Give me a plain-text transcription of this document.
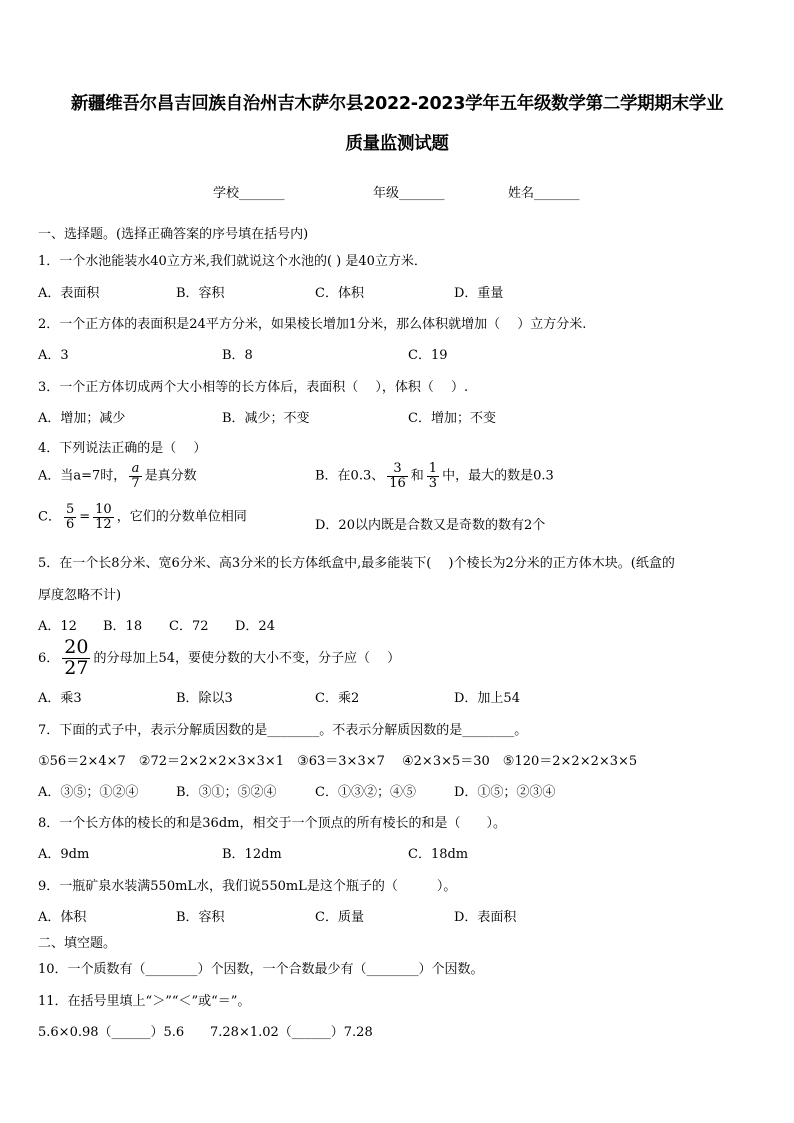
新疆维吾尔昌吉回族自治州吉木萨尔县2022-2023学年五年级数学第二学期期末学业
质量监测试题
学校_______	年级_______	姓名_______
一、选择题。(选择正确答案的序号填在括号内)
1．一个水池能装水40立方米,我们就说这个水池的( ) 是40立方米．
A．表面积	B．容积	C．体积	D．重量
2．一个正方体的表面积是24平方分米，如果棱长增加1分米，那么体积就增加（　 ）立方分米.
A．3	B．8	C．19
3．一个正方体切成两个大小相等的长方体后，表面积（　 ），体积（　 ）.
A．增加；减少	B．减少；不变	C．增加；不变
4．下列说法正确的是（　 ）
A．当a=7时， $\frac{a}{7}$ 是真分数	B．在0.3、 $\frac{3}{16}$ 和 $\frac{1}{3}$ 中，最大的数是0.3
C． $\frac{5}{6} = \frac{10}{12}$ ，它们的分数单位相同
D．20以内既是合数又是奇数的数有2个
5．在一个长8分米、宽6分米、高3分米的长方体纸盒中,最多能装下(　 )个棱长为2分米的正方体木块。(纸盒的
厚度忽略不计)
A．12 B．18 C．72 D．24
6． $\frac{20}{27}$ 的分母加上54，要使分数的大小不变，分子应（　 ）
A．乘3	B．除以3	C．乘2	D．加上54
7．下面的式子中，表示分解质因数的是________。不表示分解质因数的是________。
①56＝2×4×7　②72＝2×2×2×3×3×1　③63＝3×3×7　 ④2×3×5＝30　⑤120＝2×2×2×3×5
A．③⑤；①②④	B．③①；⑤②④	C．①③②；④⑤	D．①⑤；②③④
8．一个长方体的棱长的和是36dm，相交于一个顶点的所有棱长的和是（　　）。
A．9dm	B．12dm	C．18dm
9．一瓶矿泉水装满550mL水，我们说550mL是这个瓶子的（　　　）。
A．体积	B．容积	C．质量	D．表面积
二、填空题。
10．一个质数有（________）个因数，一个合数最少有（________）个因数。
11．在括号里填上“＞”“＜”或“＝”。
5.6×0.98（______）5.6 7.28×1.02（______）7.28
